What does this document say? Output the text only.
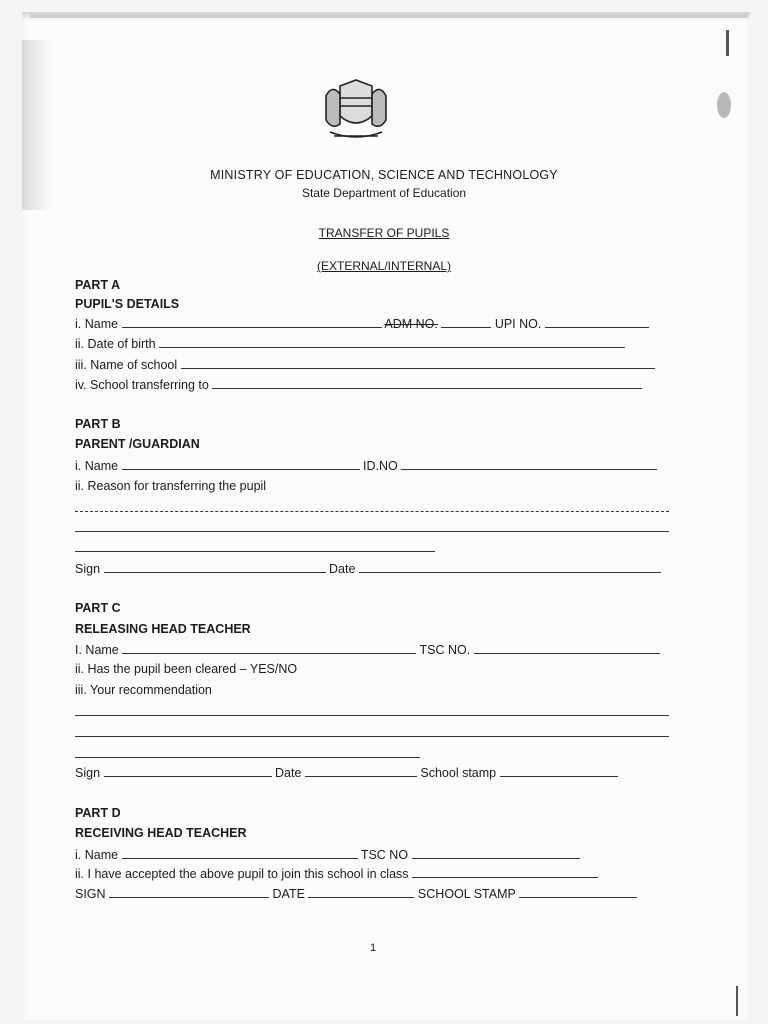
MINISTRY OF EDUCATION, SCIENCE AND TECHNOLOGY
State Department of Education
TRANSFER OF PUPILS
(EXTERNAL/INTERNAL)
PART A
PUPIL'S DETAILS
i. Name	ADM NO.	UPI NO.
ii. Date of birth
iii. Name of school
iv. School transferring to
PART B
PARENT /GUARDIAN
i. Name	ID.NO
ii. Reason for transferring the pupil
Sign	Date
PART C
RELEASING HEAD TEACHER
I. Name	TSC NO.
ii. Has the pupil been cleared – YES/NO
iii. Your recommendation
Sign	Date	School stamp
PART D
RECEIVING HEAD TEACHER
i. Name	TSC NO
ii. I have accepted the above pupil to join this school in class
SIGN	DATE	SCHOOL STAMP
1
